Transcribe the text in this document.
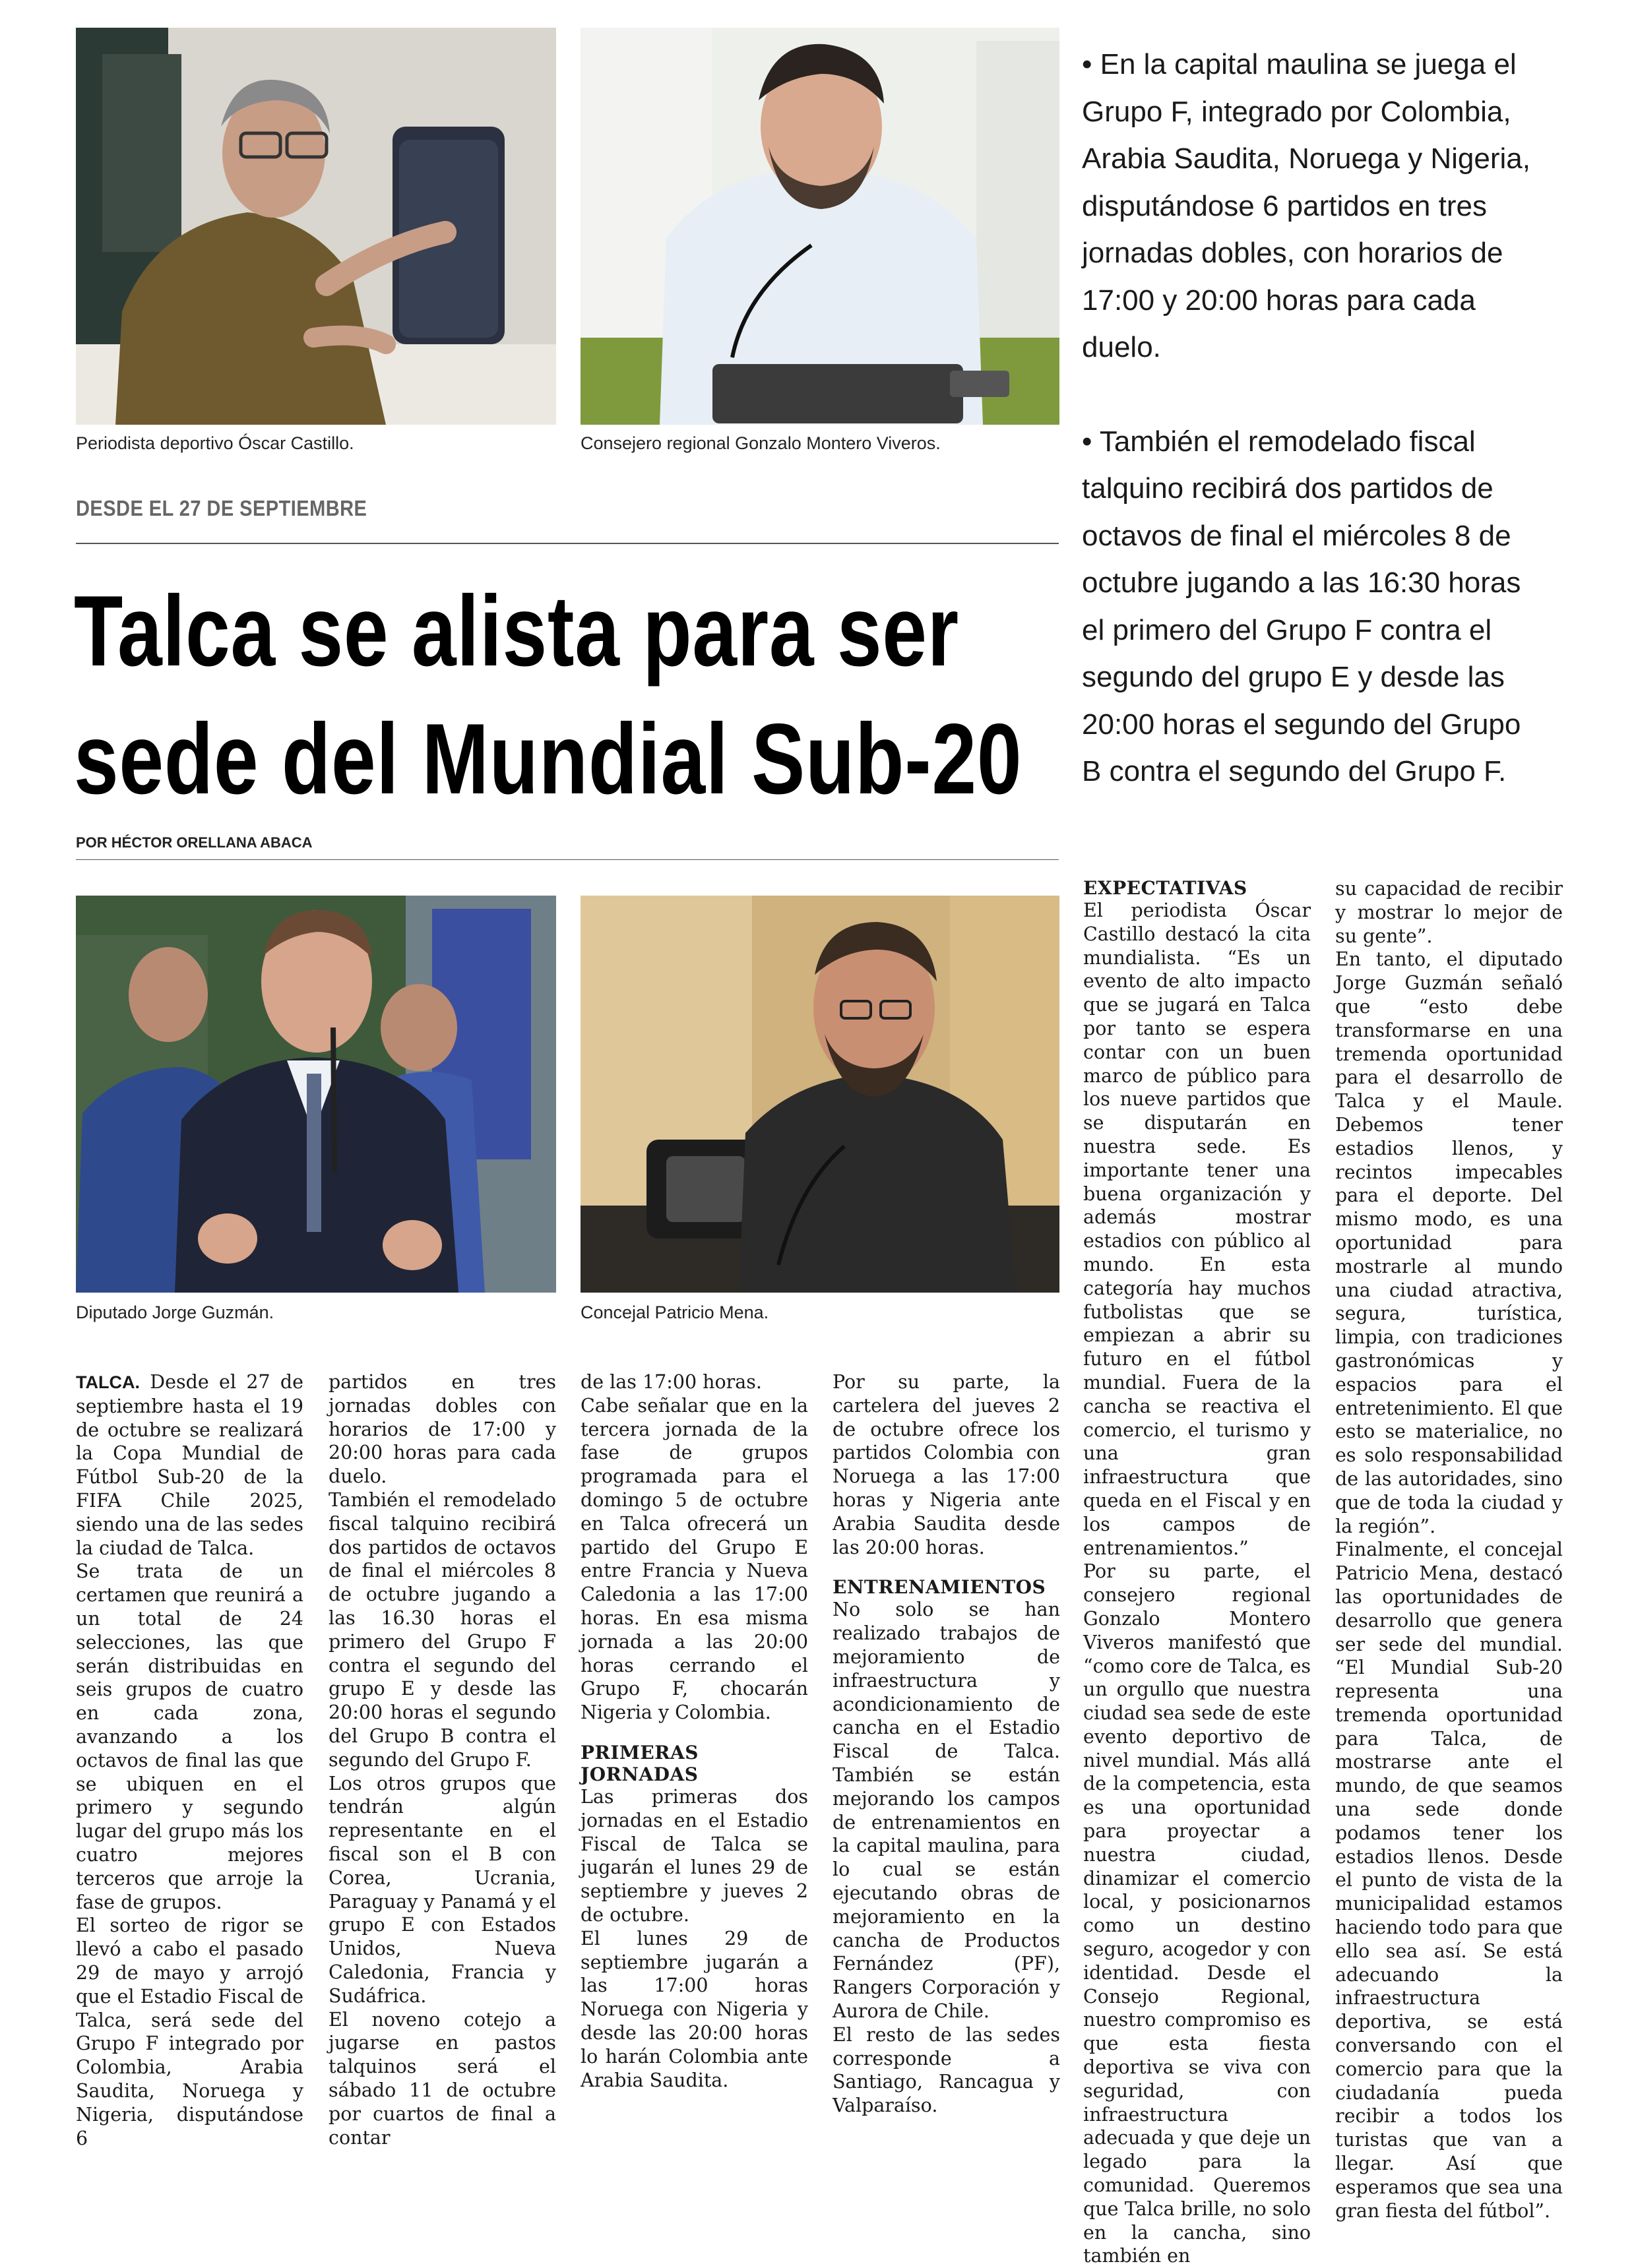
Periodista deportivo Óscar Castillo.	Consejero regional Gonzalo Montero Viveros.

• En la capital maulina se juega el Grupo F, integrado por Colombia, Arabia Saudita, Noruega y Nigeria, disputándose 6 partidos en tres jornadas dobles, con horarios de 17:00 y 20:00 horas para cada duelo.

• También el remodelado fiscal talquino recibirá dos partidos de octavos de final el miércoles 8 de octubre jugando a las 16:30 horas el primero del Grupo F contra el segundo del grupo E y desde las 20:00 horas el segundo del Grupo B contra el segundo del Grupo F.

DESDE EL 27 DE SEPTIEMBRE
Talca se alista para ser
sede del Mundial Sub-20
POR HÉCTOR ORELLANA ABACA
Diputado Jorge Guzmán.	Concejal Patricio Mena.

TALCA. Desde el 27 de septiembre hasta el 19 de octubre se realizará la Copa Mundial de Fútbol Sub-20 de la FIFA Chile 2025, siendo una de las sedes la ciudad de Talca.

Se trata de un certamen que reunirá a un total de 24 selecciones, las que serán distribuidas en seis grupos de cuatro en cada zona, avanzando a los octavos de final las que se ubiquen en el primero y segundo lugar del grupo más los cuatro mejores terceros que arroje la fase de grupos.

El sorteo de rigor se llevó a cabo el pasado 29 de mayo y arrojó que el Estadio Fiscal de Talca, será sede del Grupo F integrado por Colombia, Arabia Saudita, Noruega y Nigeria, disputándose 6

partidos en tres jornadas dobles con horarios de 17:00 y 20:00 horas para cada duelo.

También el remodelado fiscal talquino recibirá dos partidos de octavos de final el miércoles 8 de octubre jugando a las 16.30 horas el primero del Grupo F contra el segundo del grupo E y desde las 20:00 horas el segundo del Grupo B contra el segundo del Grupo F.

Los otros grupos que tendrán algún representante en el fiscal son el B con Corea, Ucrania, Paraguay y Panamá y el grupo E con Estados Unidos, Nueva Caledonia, Francia y Sudáfrica.

El noveno cotejo a jugarse en pastos talquinos será el sábado 11 de octubre por cuartos de final a contar

de las 17:00 horas.

Cabe señalar que en la tercera jornada de la fase de grupos programada para el domingo 5 de octubre en Talca ofrecerá un partido del Grupo E entre Francia y Nueva Caledonia a las 17:00 horas. En esa misma jornada a las 20:00 horas cerrando el Grupo F, chocarán Nigeria y Colombia.

PRIMERAS JORNADAS

Las primeras dos jornadas en el Estadio Fiscal de Talca se jugarán el lunes 29 de septiembre y jueves 2 de octubre.

El lunes 29 de septiembre jugarán a las 17:00 horas Noruega con Nigeria y desde las 20:00 horas lo harán Colombia ante Arabia Saudita.

Por su parte, la cartelera del jueves 2 de octubre ofrece los partidos Colombia con Noruega a las 17:00 horas y Nigeria ante Arabia Saudita desde las 20:00 horas.

ENTRENAMIENTOS

No solo se han realizado trabajos de mejoramiento de infraestructura y acondicionamiento de cancha en el Estadio Fiscal de Talca. También se están mejorando los campos de entrenamientos en la capital maulina, para lo cual se están ejecutando obras de mejoramiento en la cancha de Productos Fernández (PF), Rangers Corporación y Aurora de Chile.

El resto de las sedes corresponde a Santiago, Rancagua y Valparaíso.

EXPECTATIVAS

El periodista Óscar Castillo destacó la cita mundialista. “Es un evento de alto impacto que se jugará en Talca por tanto se espera contar con un buen marco de público para los nueve partidos que se disputarán en nuestra sede. Es importante tener una buena organización y además mostrar estadios con público al mundo. En esta categoría hay muchos futbolistas que se empiezan a abrir su futuro en el fútbol mundial. Fuera de la cancha se reactiva el comercio, el turismo y una gran infraestructura que queda en el Fiscal y en los campos de entrenamientos.”

Por su parte, el consejero regional Gonzalo Montero Viveros manifestó que “como core de Talca, es un orgullo que nuestra ciudad sea sede de este evento deportivo de nivel mundial. Más allá de la competencia, esta es una oportunidad para proyectar a nuestra ciudad, dinamizar el comercio local, y posicionarnos como un destino seguro, acogedor y con identidad. Desde el Consejo Regional, nuestro compromiso es que esta fiesta deportiva se viva con seguridad, con infraestructura adecuada y que deje un legado para la comunidad. Queremos que Talca brille, no solo en la cancha, sino también en

su capacidad de recibir y mostrar lo mejor de su gente”.

En tanto, el diputado Jorge Guzmán señaló que “esto debe transformarse en una tremenda oportunidad para el desarrollo de Talca y el Maule. Debemos tener estadios llenos, y recintos impecables para el deporte. Del mismo modo, es una oportunidad para mostrarle al mundo una ciudad atractiva, segura, turística, limpia, con tradiciones gastronómicas y espacios para el entretenimiento. El que esto se materialice, no es solo responsabilidad de las autoridades, sino que de toda la ciudad y la región”.

Finalmente, el concejal Patricio Mena, destacó las oportunidades de desarrollo que genera ser sede del mundial. “El Mundial Sub-20 representa una tremenda oportunidad para Talca, de mostrarse ante el mundo, de que seamos una sede donde podamos tener los estadios llenos. Desde el punto de vista de la municipalidad estamos haciendo todo para que ello sea así. Se está adecuando la infraestructura deportiva, se está conversando con el comercio para que la ciudadanía pueda recibir a todos los turistas que van a llegar. Así que esperamos que sea una gran fiesta del fútbol”.
